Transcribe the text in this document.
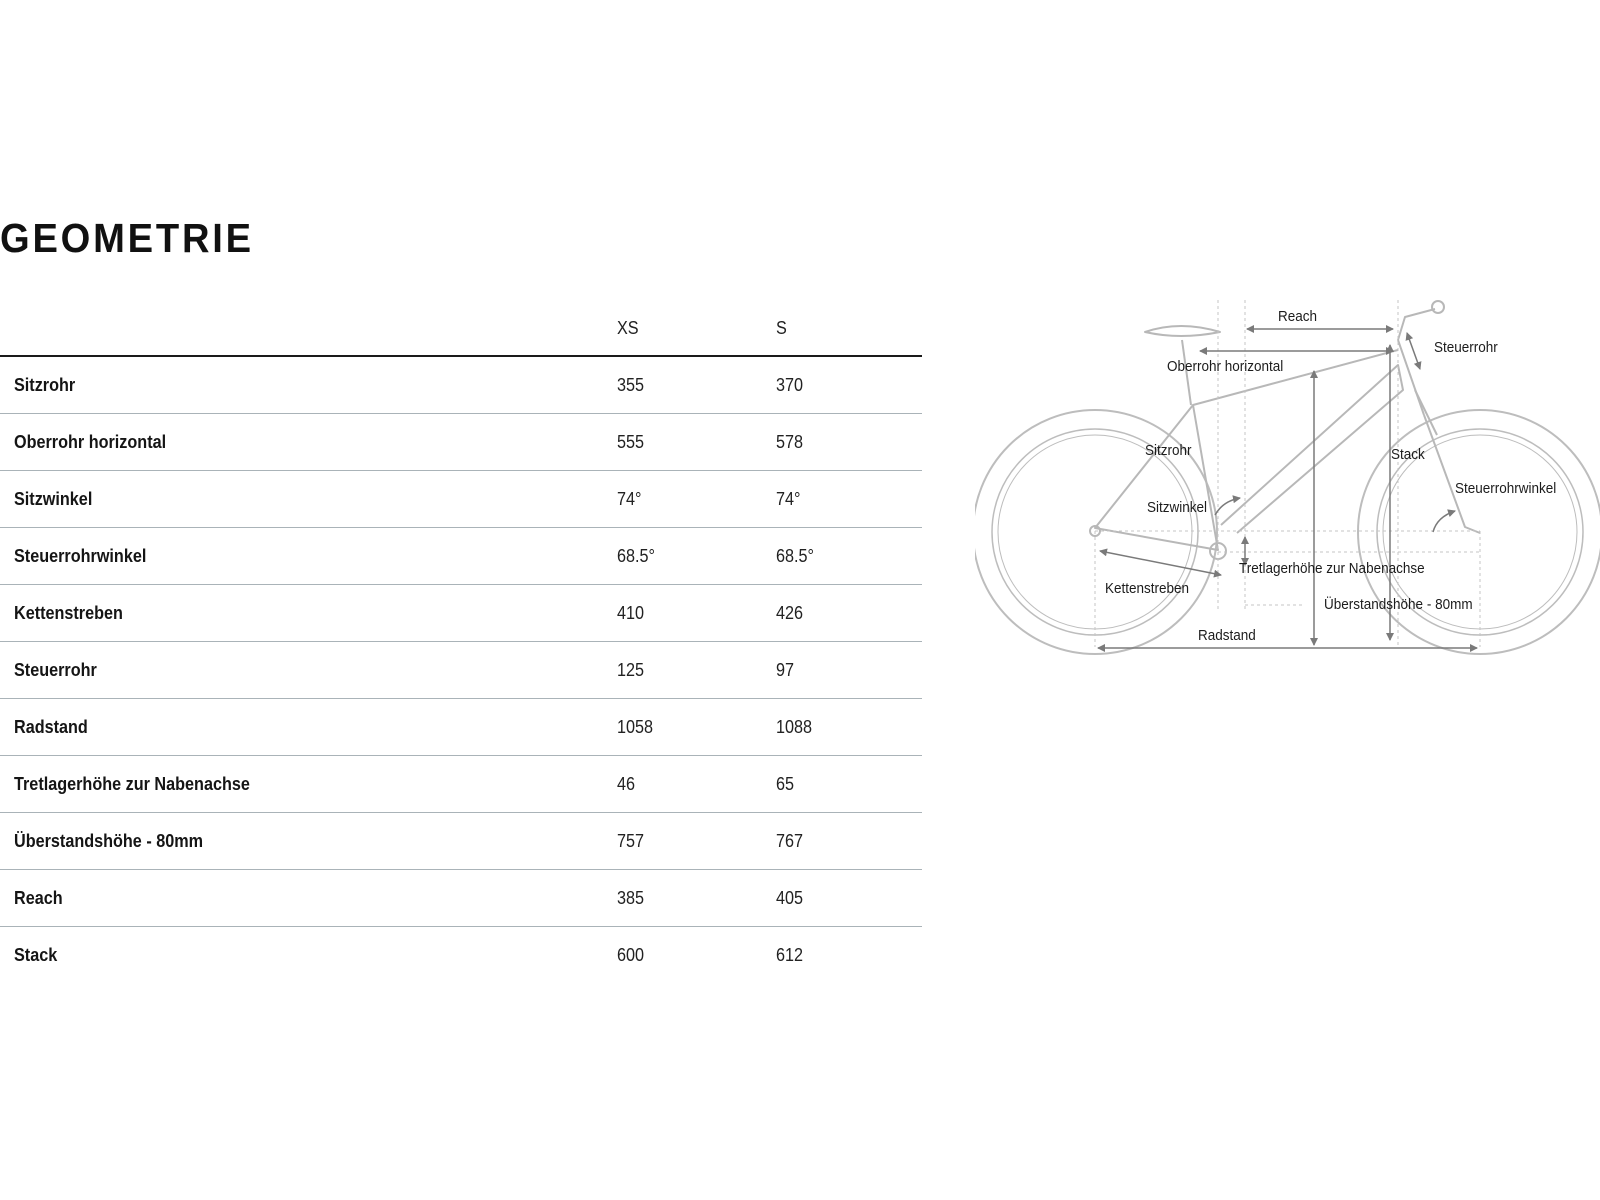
GEOMETRIE
XS	S
Sitzrohr	355	370
Oberrohr horizontal	555	578
Sitzwinkel	74°	74°
Steuerrohrwinkel	68.5°	68.5°
Kettenstreben	410	426
Steuerrohr	125	97
Radstand	1058	1088
Tretlagerhöhe zur Nabenachse	46	65
Überstandshöhe - 80mm	757	767
Reach	385	405
Stack	600	612
Reach
Steuerrohr
Oberrohr horizontal
Sitzrohr	Stack
Steuerrohrwinkel
Sitzwinkel
Tretlagerhöhe zur Nabenachse
Kettenstreben
Überstandshöhe - 80mm
Radstand
